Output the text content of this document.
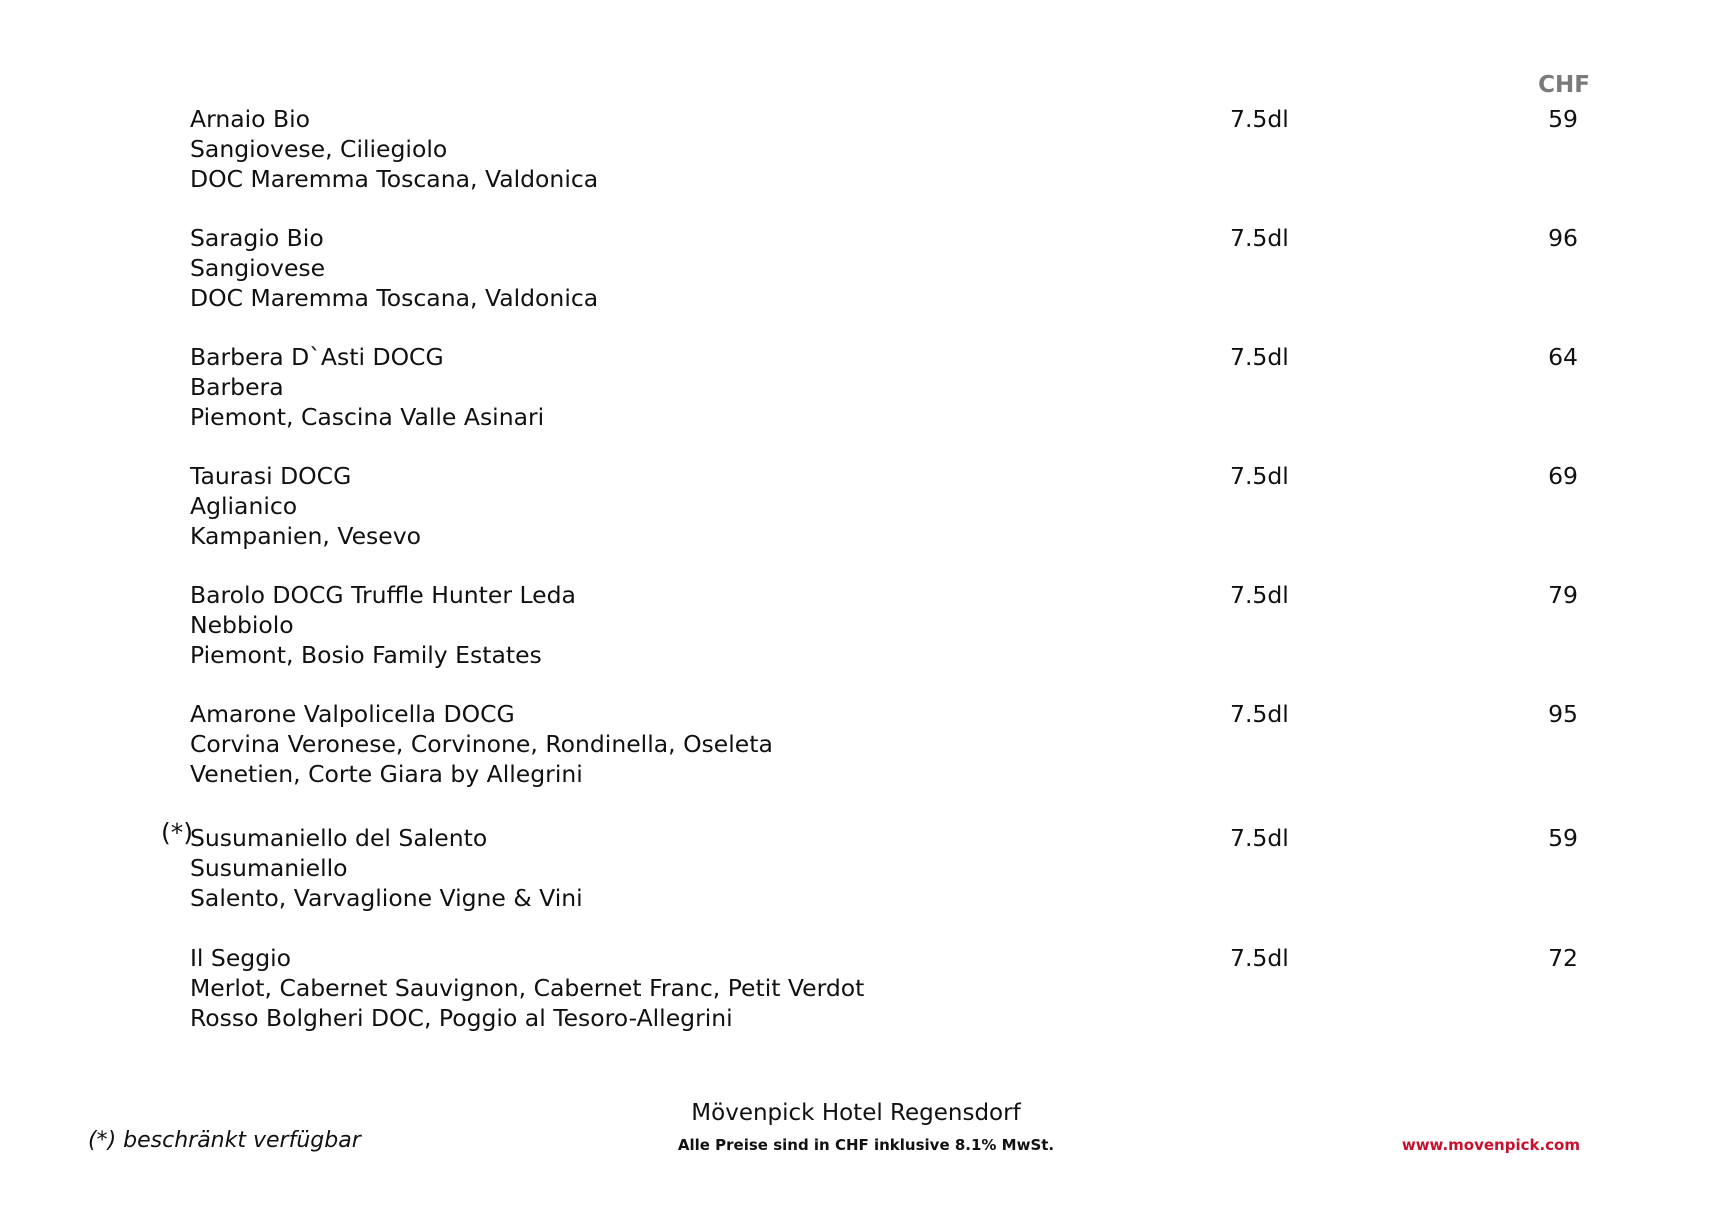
CHF
Arnaio Bio
Sangiovese, Ciliegiolo
DOC Maremma Toscana, Valdonica
7.5dl	59
Saragio Bio
Sangiovese
DOC Maremma Toscana, Valdonica
7.5dl	96
Barbera D`Asti DOCG
Barbera
Piemont, Cascina Valle Asinari
7.5dl	64
Taurasi DOCG
Aglianico
Kampanien, Vesevo
7.5dl	69
Barolo DOCG Truffle Hunter Leda
Nebbiolo
Piemont, Bosio Family Estates
7.5dl	79
Amarone Valpolicella DOCG
Corvina Veronese, Corvinone, Rondinella, Oseleta
Venetien, Corte Giara by Allegrini
7.5dl	95
(*)
Susumaniello del Salento
Susumaniello
Salento, Varvaglione Vigne & Vini
7.5dl	59
Il Seggio
Merlot, Cabernet Sauvignon, Cabernet Franc, Petit Verdot
Rosso Bolgheri DOC, Poggio al Tesoro-Allegrini
7.5dl	72
(*) beschränkt verfügbar
Mövenpick Hotel Regensdorf
Alle Preise sind in CHF inklusive 8.1% MwSt.	www.movenpick.com
